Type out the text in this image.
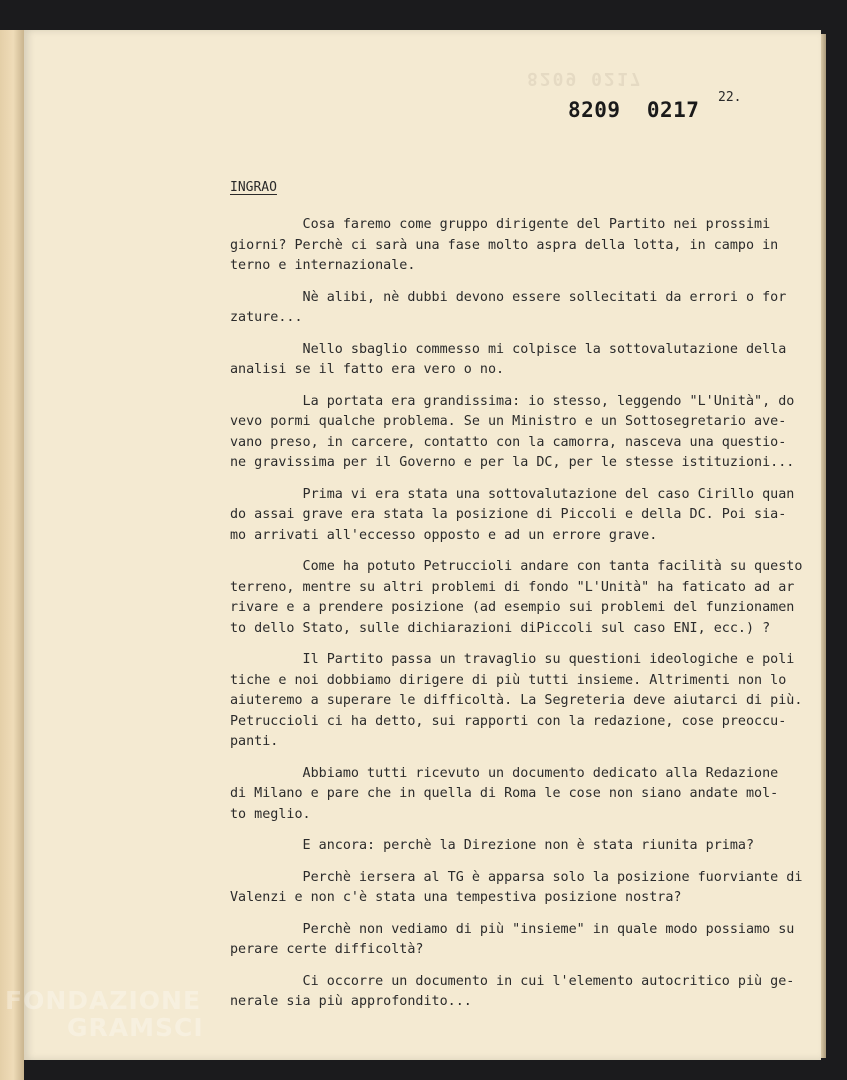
8209 0217
8209  0217
22.
INGRAO

Cosa faremo come gruppo dirigente del Partito nei prossimi
giorni? Perchè ci sarà una fase molto aspra della lotta, in campo in
terno e internazionale.

Nè alibi, nè dubbi devono essere sollecitati da errori o for
zature...

Nello sbaglio commesso mi colpisce la sottovalutazione della
analisi se il fatto era vero o no.

La portata era grandissima: io stesso, leggendo "L'Unità", do
vevo pormi qualche problema. Se un Ministro e un Sottosegretario ave-
vano preso, in carcere, contatto con la camorra, nasceva una questio-
ne gravissima per il Governo e per la DC, per le stesse istituzioni...

Prima vi era stata una sottovalutazione del caso Cirillo quan
do assai grave era stata la posizione di Piccoli e della DC. Poi sia-
mo arrivati all'eccesso opposto e ad un errore grave.

Come ha potuto Petruccioli andare con tanta facilità su questo
terreno, mentre su altri problemi di fondo "L'Unità" ha faticato ad ar
rivare e a prendere posizione (ad esempio sui problemi del funzionamen
to dello Stato, sulle dichiarazioni diPiccoli sul caso ENI, ecc.) ?

Il Partito passa un travaglio su questioni ideologiche e poli
tiche e noi dobbiamo dirigere di più tutti insieme. Altrimenti non lo
aiuteremo a superare le difficoltà. La Segreteria deve aiutarci di più.
Petruccioli ci ha detto, sui rapporti con la redazione, cose preoccu-
panti.

Abbiamo tutti ricevuto un documento dedicato alla Redazione
di Milano e pare che in quella di Roma le cose non siano andate mol-
to meglio.

E ancora: perchè la Direzione non è stata riunita prima?

Perchè iersera al TG è apparsa solo la posizione fuorviante
Valenzi e non c'è stata una tempestiva posizione nostra?

Perchè non vediamo di più "insieme" in quale modo possiamo su
perare certe difficoltà?

Ci occorre un documento in cui l'elemento autocritico più ge-
nerale sia più approfondito...

FONDAZIONE
GRAMSCI
